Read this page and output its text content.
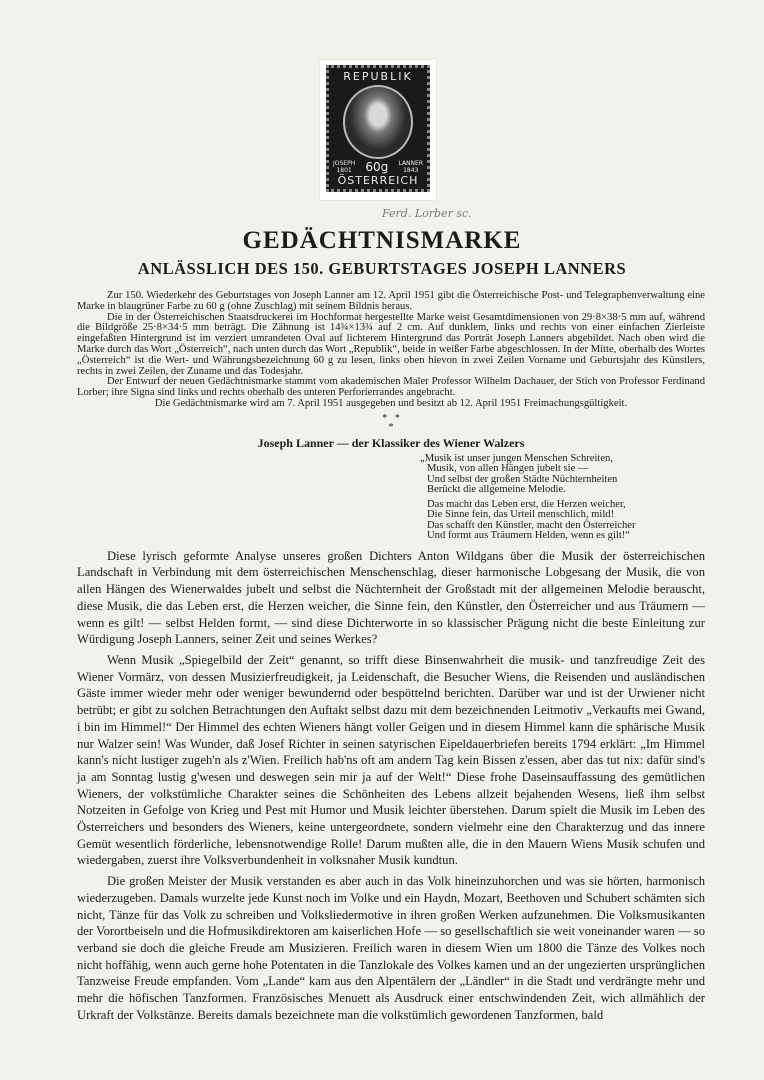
REPUBLIK
JOSEPH
1801 60g LANNER
1843
ÖSTERREICH
Ferd. Lorber sc.
GEDÄCHTNISMARKE
ANLÄSSLICH DES 150. GEBURTSTAGES JOSEPH LANNERS

Zur 150. Wiederkehr des Geburtstages von Joseph Lanner am 12. April 1951 gibt die Österreichische Post- und Telegraphenverwaltung eine Marke in blaugrüner Farbe zu 60 g (ohne Zuschlag) mit seinem Bildnis heraus.

Die in der Österreichischen Staatsdruckerei im Hochformat hergestellte Marke weist Gesamtdimensionen von 29·8×38·5 mm auf, während die Bildgröße 25·8×34·5 mm beträgt. Die Zähnung ist 14¾×13¾ auf 2 cm. Auf dunklem, links und rechts von einer einfachen Zierleiste eingefaßten Hintergrund ist im verziert umrandeten Oval auf lichterem Hintergrund das Porträt Joseph Lanners abgebildet. Nach oben wird die Marke durch das Wort „Österreich“, nach unten durch das Wort „Republik“, beide in weißer Farbe abgeschlossen. In der Mitte, oberhalb des Wortes „Österreich“ ist die Wert- und Währungsbezeichnung 60 g zu lesen, links oben hievon in zwei Zeilen Vorname und Geburtsjahr des Künstlers, rechts in zwei Zeilen, der Zuname und das Todesjahr.

Der Entwurf der neuen Gedächtnismarke stammt vom akademischen Maler Professor Wilhelm Dachauer, der Stich von Professor Ferdinand Lorber; ihre Signa sind links und rechts oberhalb des unteren Perforierrandes angebracht.

Die Gedächtnismarke wird am 7. April 1951 ausgegeben und besitzt ab 12. April 1951 Freimachungsgültigkeit.

*   *
*
Joseph Lanner — der Klassiker des Wiener Walzers
„Musik ist unser jungen Menschen Schreiten,
Musik, von allen Hängen jubelt sie —
Und selbst der großen Städte Nüchternheiten
Berückt die allgemeine Melodie.
Das macht das Leben erst, die Herzen weicher,
Die Sinne fein, das Urteil menschlich, mild!
Das schafft den Künstler, macht den Österreicher
Und formt aus Träumern Helden, wenn es gilt!“

Diese lyrisch geformte Analyse unseres großen Dichters Anton Wildgans über die Musik der österreichischen Landschaft in Verbindung mit dem österreichischen Menschenschlag, dieser harmonische Lobgesang der Musik, die von allen Hängen des Wienerwaldes jubelt und selbst die Nüchternheit der Großstadt mit der allgemeinen Melodie berauscht, diese Musik, die das Leben erst, die Herzen weicher, die Sinne fein, den Künstler, den Österreicher und aus Träumern — wenn es gilt! — selbst Helden formt, — sind diese Dichterworte in so klassischer Prägung nicht die beste Einleitung zur Würdigung Joseph Lanners, seiner Zeit und seines Werkes?

Wenn Musik „Spiegelbild der Zeit“ genannt, so trifft diese Binsenwahrheit die musik- und tanzfreudige Zeit des Wiener Vormärz, von dessen Musizierfreudigkeit, ja Leidenschaft, die Besucher Wiens, die Reisenden und ausländischen Gäste immer wieder mehr oder weniger bewundernd oder bespöttelnd berichten. Darüber war und ist der Urwiener nicht betrübt; er gibt zu solchen Betrachtungen den Auftakt selbst dazu mit dem bezeichnenden Leitmotiv „Verkaufts mei Gwand, i bin im Himmel!“ Der Himmel des echten Wieners hängt voller Geigen und in diesem Himmel kann die sphärische Musik nur Walzer sein! Was Wunder, daß Josef Richter in seinen satyrischen Eipeldauerbriefen bereits 1794 erklärt: „Im Himmel kann's nicht lustiger zugeh'n als z'Wien. Freilich hab'ns oft am andern Tag kein Bissen z'essen, aber das tut nix: dafür sind's ja am Sonntag lustig g'wesen und deswegen sein mir ja auf der Welt!“ Diese frohe Daseinsauffassung des gemütlichen Wieners, der volkstümliche Charakter seines die Schönheiten des Lebens allzeit bejahenden Wesens, ließ ihm selbst Notzeiten in Gefolge von Krieg und Pest mit Humor und Musik leichter überstehen. Darum spielt die Musik im Leben des Österreichers und besonders des Wieners, keine untergeordnete, sondern vielmehr eine den Charakterzug und das innere Gemüt wesentlich förderliche, lebensnotwendige Rolle! Darum mußten alle, die in den Mauern Wiens Musik schufen und wiedergaben, zuerst ihre Volksverbundenheit in volksnaher Musik kundtun.

Die großen Meister der Musik verstanden es aber auch in das Volk hineinzuhorchen und was sie hörten, harmonisch wiederzugeben. Damals wurzelte jede Kunst noch im Volke und ein Haydn, Mozart, Beethoven und Schubert schämten sich nicht, Tänze für das Volk zu schreiben und Volksliedermotive in ihren großen Werken aufzunehmen. Die Volksmusikanten der Vorortbeiseln und die Hofmusikdirektoren am kaiserlichen Hofe — so gesellschaftlich sie weit voneinander waren — so verband sie doch die gleiche Freude am Musizieren. Freilich waren in diesem Wien um 1800 die Tänze des Volkes noch nicht hoffähig, wenn auch gerne hohe Potentaten in die Tanzlokale des Volkes kamen und an der ungezierten ursprünglichen Tanzweise Freude empfanden. Vom „Lande“ kam aus den Alpentälern der „Ländler“ in die Stadt und verdrängte mehr und mehr die höfischen Tanzformen. Französisches Menuett als Ausdruck einer entschwindenden Zeit, wich allmählich der Urkraft der Volkstänze. Bereits damals bezeichnete man die volkstümlich gewordenen Tanzformen, bald
